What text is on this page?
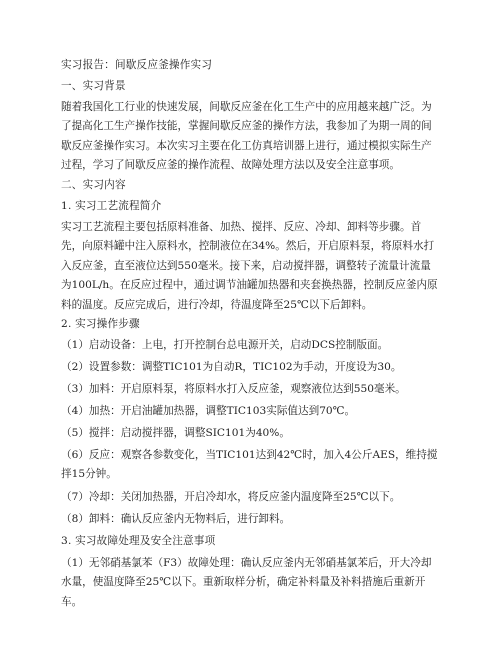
实习报告：间歇反应釜操作实习

一、实习背景

随着我国化工行业的快速发展，间歇反应釜在化工生产中的应用越来越广泛。为了提高化工生产操作技能，掌握间歇反应釜的操作方法，我参加了为期一周的间歇反应釜操作实习。本次实习主要在化工仿真培训器上进行，通过模拟实际生产过程，学习了间歇反应釜的操作流程、故障处理方法以及安全注意事项。

二、实习内容

1. 实习工艺流程简介

实习工艺流程主要包括原料准备、加热、搅拌、反应、冷却、卸料等步骤。首先，向原料罐中注入原料水，控制液位在34%。然后，开启原料泵，将原料水打入反应釜，直至液位达到550毫米。接下来，启动搅拌器，调整转子流量计流量为100L/h。在反应过程中，通过调节油罐加热器和夹套换热器，控制反应釜内原料的温度。反应完成后，进行冷却，待温度降至25℃以下后卸料。

2. 实习操作步骤

（1）启动设备：上电，打开控制台总电源开关，启动DCS控制版面。

（2）设置参数：调整TIC101为自动R，TIC102为手动，开度设为30。

（3）加料：开启原料泵，将原料水打入反应釜，观察液位达到550毫米。

（4）加热：开启油罐加热器，调整TIC103实际值达到70℃。

（5）搅拌：启动搅拌器，调整SIC101为40%。

（6）反应：观察各参数变化，当TIC101达到42℃时，加入4公斤AES，维持搅拌15分钟。

（7）冷却：关闭加热器，开启冷却水，将反应釜内温度降至25℃以下。

（8）卸料：确认反应釜内无物料后，进行卸料。

3. 实习故障处理及安全注意事项

（1）无邻硝基氯苯（F3）故障处理：确认反应釜内无邻硝基氯苯后，开大冷却水量，使温度降至25℃以下。重新取样分析，确定补料量及补料措施后重新开车。
